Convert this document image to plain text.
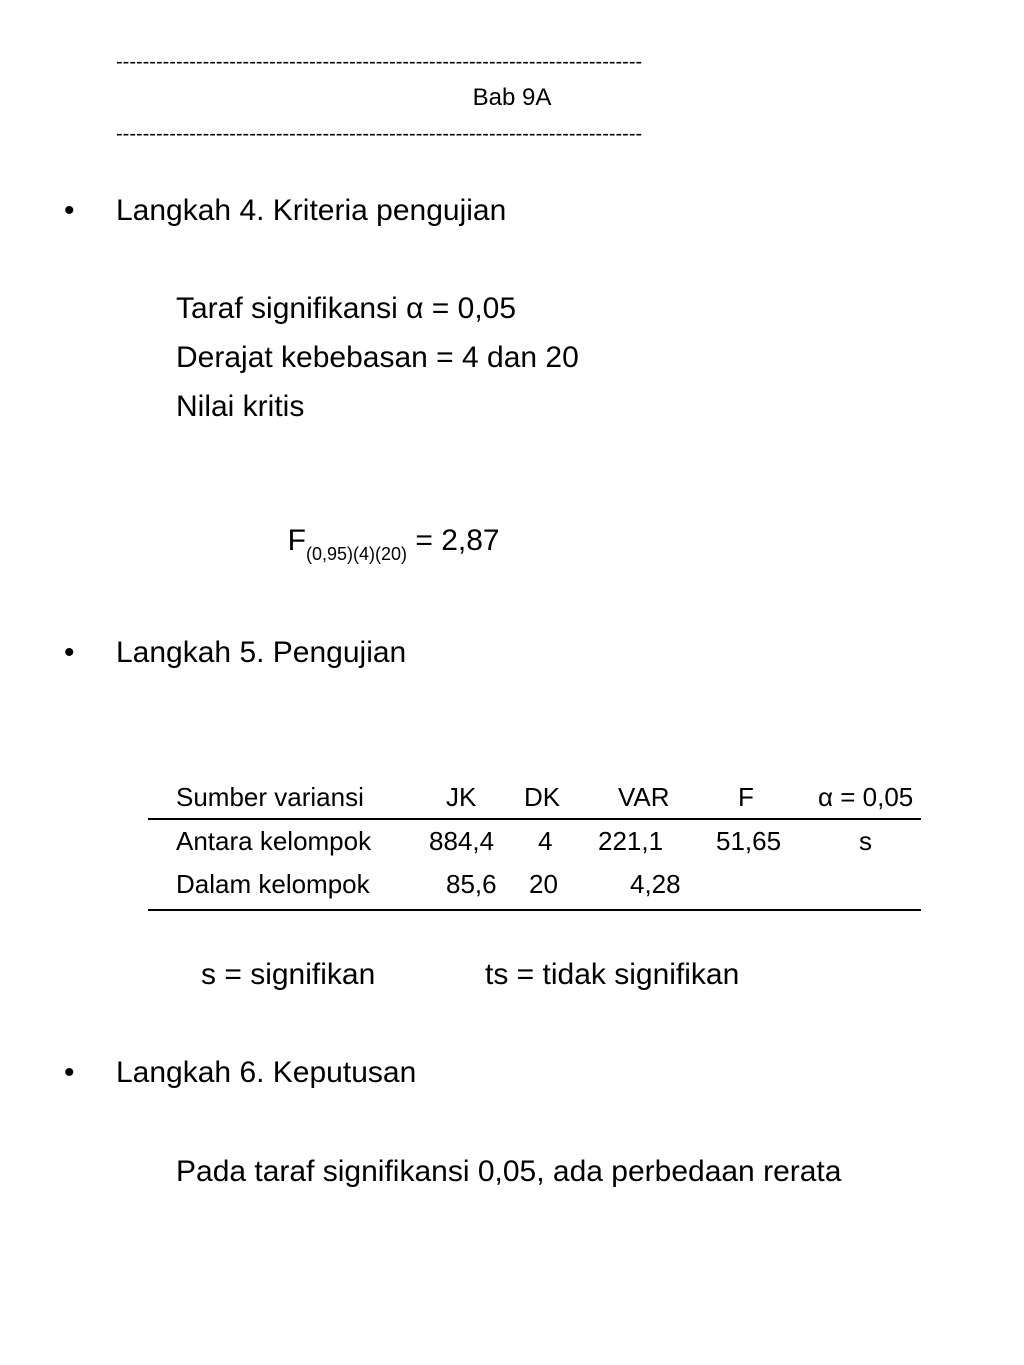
-------------------------------------------------------------------------------
Bab 9A
-------------------------------------------------------------------------------
• Langkah 4. Kriteria pengujian
Taraf signifikansi α = 0,05
Derajat kebebasan = 4 dan 20
Nilai kritis

$F_{(0,95)(4)(20)} = 2,87$

• Langkah 5. Pengujian
Sumber variansi	JK DK VAR	F α = 0,05
Antara kelompok 884,4 4 221,1 51,65	s
Dalam kelompok	85,6 20	4,28
s = signifikan	ts = tidak signifikan
• Langkah 6. Keputusan
Pada taraf signifikansi 0,05, ada perbedaan rerata
